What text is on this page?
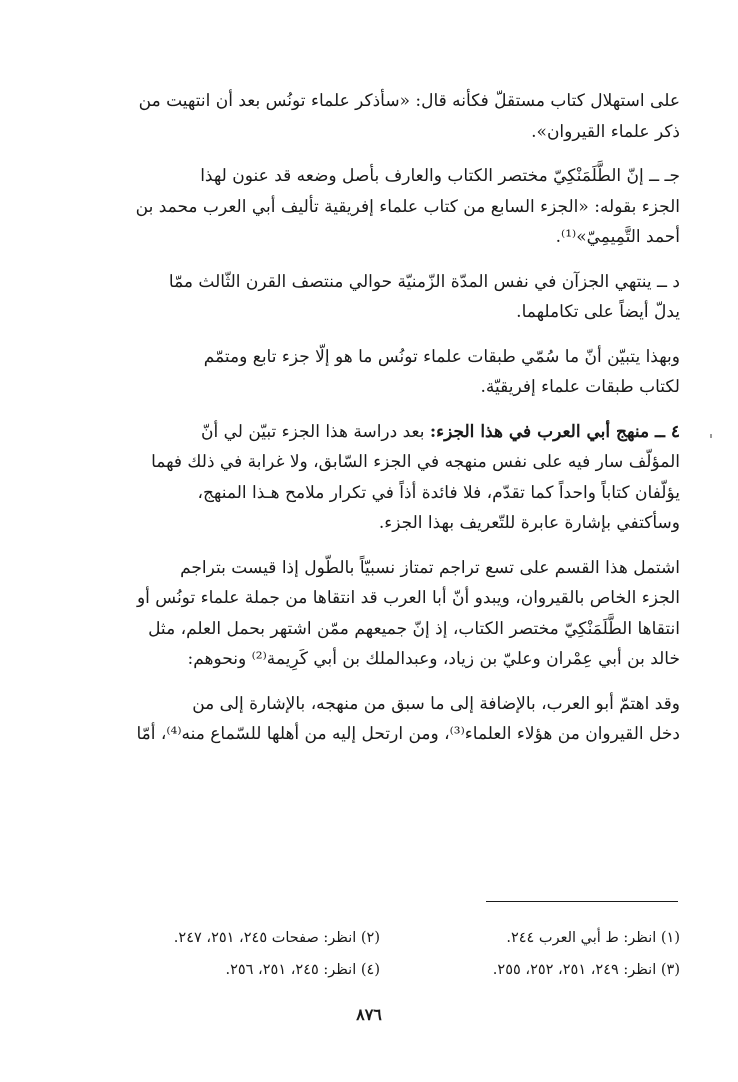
على استهلال كتاب مستقلّ فكأنه قال: «سأذكر علماء تونُس بعد أن انتهيت من

ذكر علماء القيروان».

جـ ــ إنّ الطَّلَمَنْكِيّ مختصر الكتاب والعارف بأصل وضعه قد عنون لهذا

الجزء بقوله: «الجزء السابع من كتاب علماء إفريقية تأليف أبي العرب محمد بن

أحمد التَّمِيمِيّ»⁽¹⁾.

د ــ ينتهي الجزآن في نفس المدّة الزّمنيّة حوالي منتصف القرن الثّالث ممّا

يدلّ أيضاً على تكاملهما.

وبهذا يتبيّن أنّ ما سُمّي طبقات علماء تونُس ما هو إلّا جزء تابع ومتمّم

لكتاب طبقات علماء إفريقيّة.

٤ ــ منهج أبي العرب في هذا الجزء: بعد دراسة هذا الجزء تبيّن لي أنّ

المؤلّف سار فيه على نفس منهجه في الجزء السّابق، ولا غرابة في ذلك فهما

يؤلّفان كتاباً واحداً كما تقدّم، فلا فائدة أذاً في تكرار ملامح هـذا المنهج،

وسأكتفي بإشارة عابرة للتّعريف بهذا الجزء.

اشتمل هذا القسم على تسع تراجم تمتاز نسبيّاً بالطّول إذا قيست بتراجم

الجزء الخاص بالقيروان، ويبدو أنّ أبا العرب قد انتقاها من جملة علماء تونُس أو

انتقاها الطَّلَمَنْكِيّ مختصر الكتاب، إذ إنّ جميعهم ممّن اشتهر بحمل العلم، مثل

خالد بن أبي عِمْران وعليّ بن زياد، وعبدالملك بن أبي كَرِيمة⁽²⁾ ونحوهم:

وقد اهتمّ أبو العرب، بالإضافة إلى ما سبق من منهجه، بالإشارة إلى من

دخل القيروان من هؤلاء العلماء⁽³⁾، ومن ارتحل إليه من أهلها للسّماع منه⁽⁴⁾، أمّا

(١) انظر: ط أبي العرب ٢٤٤.
(٢) انظر: صفحات ٢٤٥، ٢٥١، ٢٤٧.
(٣) انظر: ٢٤٩، ٢٥١، ٢٥٢، ٢٥٥.
(٤) انظر: ٢٤٥، ٢٥١، ٢٥٦.
٨٧٦
